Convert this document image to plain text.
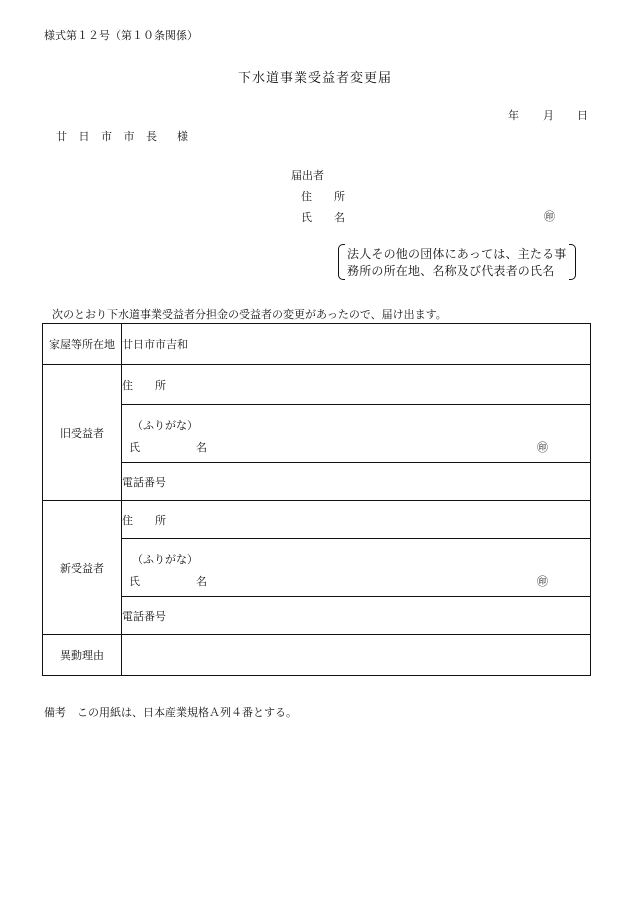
様式第１２号（第１０条関係）
下水道事業受益者変更届
年 月 日
廿 日 市 市 長 様
届出者
住　　所
氏　　名	㊞
法人その他の団体にあっては、主たる事
務所の所在地、名称及び代表者の氏名
次のとおり下水道事業受益者分担金の受益者の変更があったので、届け出ます。
家屋等所在地	廿日市市吉和
旧受益者	住　　所

	（ふりがな）
氏 名 ㊞

	電話番号
新受益者	住　　所

	（ふりがな）
氏 名 ㊞

	電話番号
異動理由	
備考　この用紙は、日本産業規格Ａ列４番とする。
